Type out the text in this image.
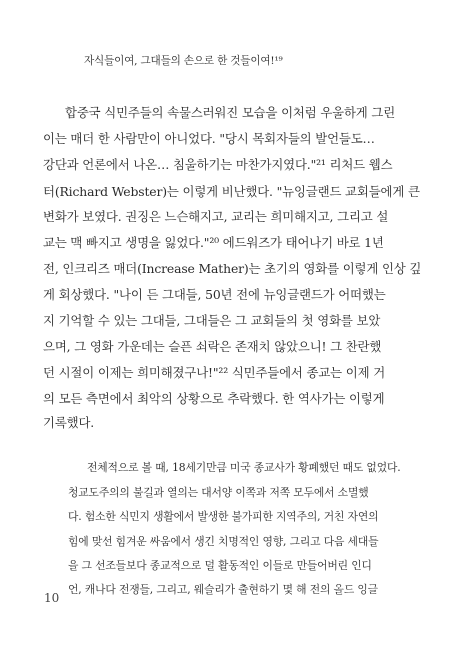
자식들이여, 그대들의 손으로 한 것들이여!¹⁹
합중국 식민주들의 속물스러워진 모습을 이처럼 우울하게 그린
이는 매더 한 사람만이 아니었다. "당시 목회자들의 발언들도…
강단과 언론에서 나온… 침울하기는 마찬가지였다."²¹ 리처드 웹스
터(Richard Webster)는 이렇게 비난했다. "뉴잉글랜드 교회들에게 큰
변화가 보였다. 권징은 느슨해지고, 교리는 희미해지고, 그리고 설
교는 맥 빠지고 생명을 잃었다."²⁰ 에드워즈가 태어나기 바로 1년
전, 인크리즈 매더(Increase Mather)는 초기의 영화를 이렇게 인상 깊
게 회상했다. "나이 든 그대들, 50년 전에 뉴잉글랜드가 어떠했는
지 기억할 수 있는 그대들, 그대들은 그 교회들의 첫 영화를 보았
으며, 그 영화 가운데는 슬픈 쇠락은 존재치 않았으니! 그 찬란했
던 시절이 이제는 희미해졌구나!"²² 식민주들에서 종교는 이제 거
의 모든 측면에서 최악의 상황으로 추락했다. 한 역사가는 이렇게
기록했다.
전체적으로 볼 때, 18세기만큼 미국 종교사가 황폐했던 때도 없었다.
청교도주의의 불길과 열의는 대서양 이쪽과 저쪽 모두에서 소멸했
다. 험소한 식민지 생활에서 발생한 불가피한 지역주의, 거친 자연의
힘에 맞선 힘겨운 싸움에서 생긴 치명적인 영향, 그리고 다음 세대들
을 그 선조들보다 종교적으로 덜 활동적인 이들로 만들어버린 인디
언, 캐나다 전쟁들, 그리고, 웨슬리가 출현하기 몇 해 전의 올드 잉글
10
